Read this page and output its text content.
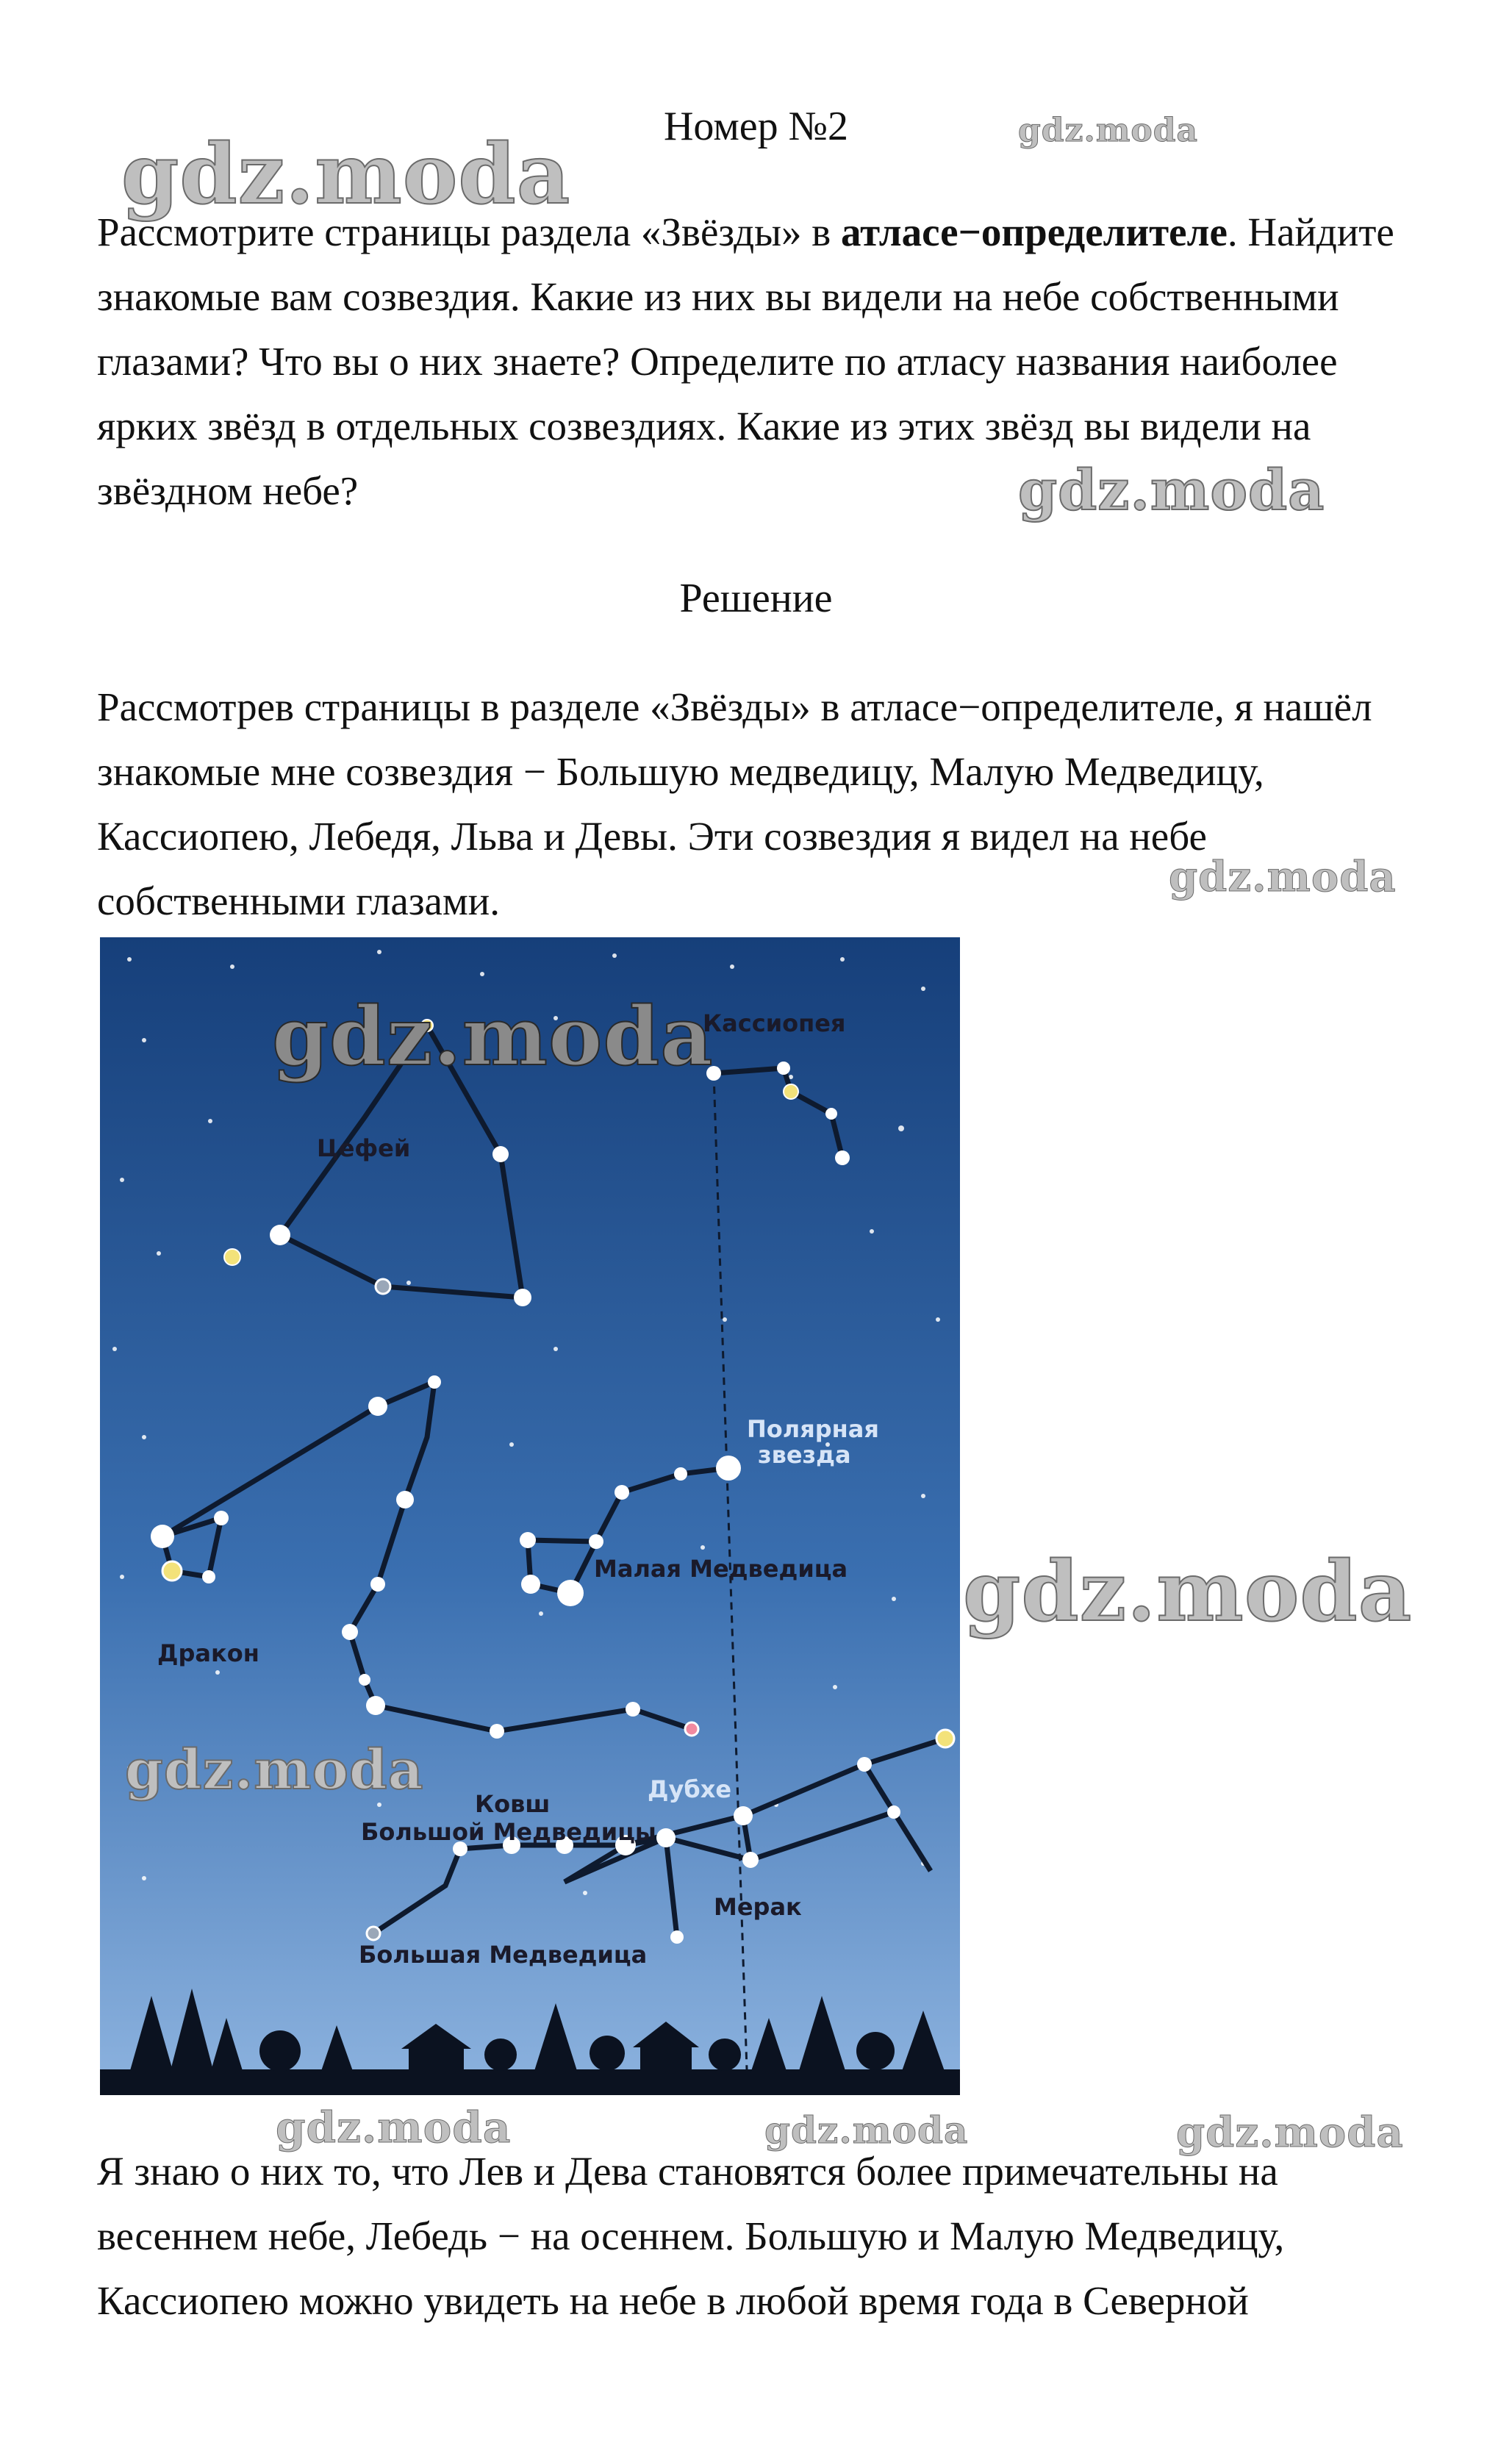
Номер №2

Рассмотрите страницы раздела «Звёзды» в атласе−определителе. Найдите знакомые вам созвездия. Какие из них вы видели на небе собственными глазами? Что вы о них знаете? Определите по атласу названия наиболее ярких звёзд в отдельных созвездиях. Какие из этих звёзд вы видели на звёздном небе?

Решение

Рассмотрев страницы в разделе «Звёзды» в атласе−определителе, я нашёл знакомые мне созвездия − Большую медведицу, Малую Медведицу, Кассиопею, Лебедя, Льва и Девы. Эти созвездия я видел на небе собственными глазами.

Кассиопея
Цефей
Полярная
звезда
Малая Медведица
Дракон
Дубхе
Ковш
Большой Медведицы
Мерак
Большая Медведица

Я знаю о них то, что Лев и Дева становятся более примечательны на весеннем небе, Лебедь − на осеннем. Большую и Малую Медведицу, Кассиопею можно увидеть на небе в любой время года в Северной

gdz.moda	gdz.moda
gdz.moda
gdz.moda
gdz.moda
gdz.moda
gdz.moda
gdz.moda	gdz.moda	gdz.moda
